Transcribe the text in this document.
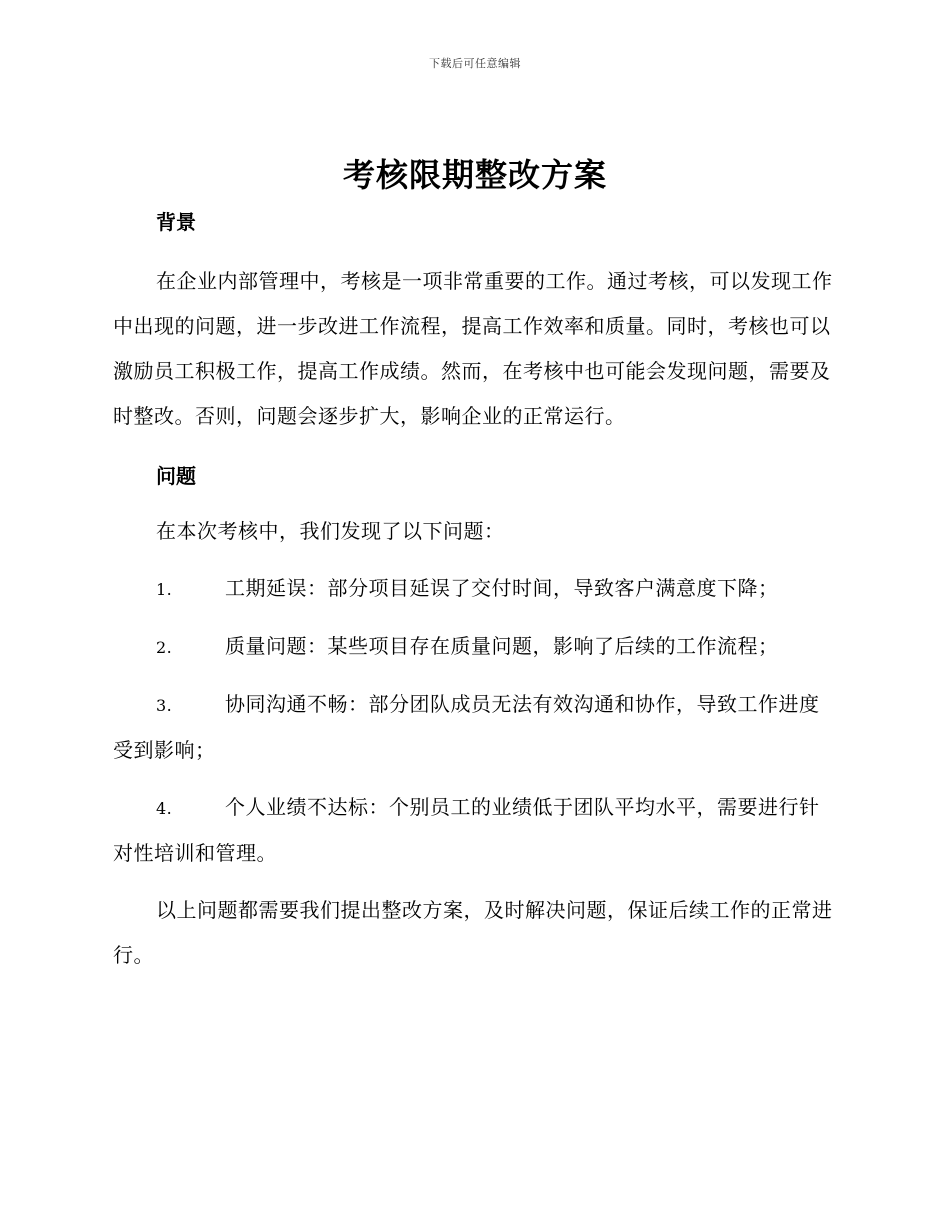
下载后可任意编辑
考核限期整改方案
背景

在企业内部管理中，考核是一项非常重要的工作。通过考核，可以发现工作中出现的问题，进一步改进工作流程，提高工作效率和质量。同时，考核也可以激励员工积极工作，提高工作成绩。然而，在考核中也可能会发现问题，需要及时整改。否则，问题会逐步扩大，影响企业的正常运行。

问题

在本次考核中，我们发现了以下问题：

1.	工期延误：部分项目延误了交付时间，导致客户满意度下降；

2.	质量问题：某些项目存在质量问题，影响了后续的工作流程；

3.	协同沟通不畅：部分团队成员无法有效沟通和协作，导致工作进度受到影响；

4.	个人业绩不达标：个别员工的业绩低于团队平均水平，需要进行针对性培训和管理。

以上问题都需要我们提出整改方案，及时解决问题，保证后续工作的正常进行。
